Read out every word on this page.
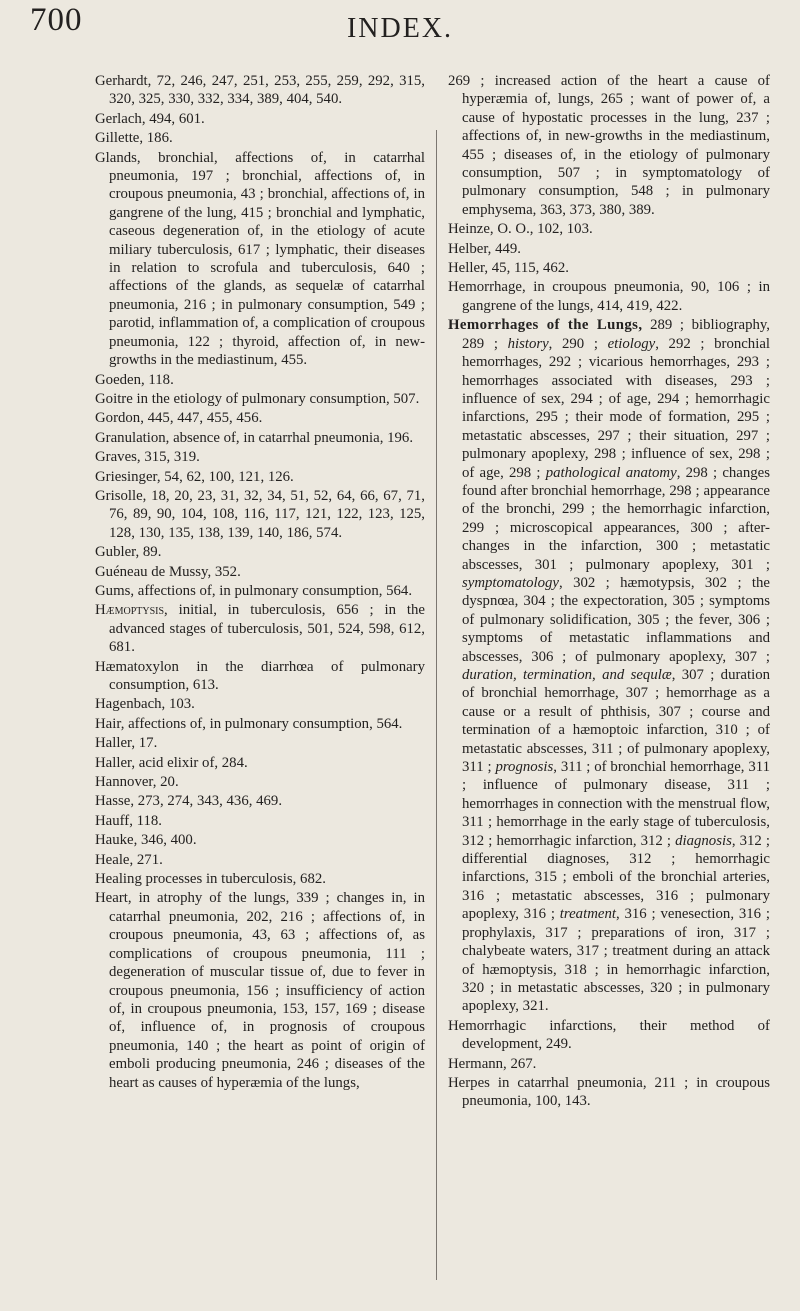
700	INDEX.

Gerhardt, 72, 246, 247, 251, 253, 255, 259, 292, 315, 320, 325, 330, 332, 334, 389, 404, 540.

Gerlach, 494, 601.

Gillette, 186.

Glands, bronchial, affections of, in catarrhal pneumonia, 197 ; bronchial, affections of, in croupous pneumonia, 43 ; bronchial, affections of, in gangrene of the lung, 415 ; bronchial and lymphatic, caseous degeneration of, in the etiology of acute miliary tuberculosis, 617 ; lymphatic, their diseases in relation to scrofula and tuberculosis, 640 ; affections of the glands, as sequelæ of catarrhal pneumonia, 216 ; in pulmonary consumption, 549 ; parotid, inflammation of, a complication of croupous pneumonia, 122 ; thyroid, affection of, in new-growths in the mediastinum, 455.

Goeden, 118.

Goitre in the etiology of pulmonary consumption, 507.

Gordon, 445, 447, 455, 456.

Granulation, absence of, in catarrhal pneumonia, 196.

Graves, 315, 319.

Griesinger, 54, 62, 100, 121, 126.

Grisolle, 18, 20, 23, 31, 32, 34, 51, 52, 64, 66, 67, 71, 76, 89, 90, 104, 108, 116, 117, 121, 122, 123, 125, 128, 130, 135, 138, 139, 140, 186, 574.

Gubler, 89.

Guéneau de Mussy, 352.

Gums, affections of, in pulmonary consumption, 564.

Hæmoptysis, initial, in tuberculosis, 656 ; in the advanced stages of tuberculosis, 501, 524, 598, 612, 681.

Hæmatoxylon in the diarrhœa of pulmonary consumption, 613.

Hagenbach, 103.

Hair, affections of, in pulmonary consumption, 564.

Haller, 17.

Haller, acid elixir of, 284.

Hannover, 20.

Hasse, 273, 274, 343, 436, 469.

Hauff, 118.

Hauke, 346, 400.

Heale, 271.

Healing processes in tuberculosis, 682.

Heart, in atrophy of the lungs, 339 ; changes in, in catarrhal pneumonia, 202, 216 ; affections of, in croupous pneumonia, 43, 63 ; affections of, as complications of croupous pneumonia, 111 ; degeneration of muscular tissue of, due to fever in croupous pneumonia, 156 ; insufficiency of action of, in croupous pneumonia, 153, 157, 169 ; disease of, influence of, in prognosis of croupous pneumonia, 140 ; the heart as point of origin of emboli producing pneumonia, 246 ; diseases of the heart as causes of hyperæmia of the lungs,

269 ; increased action of the heart a cause of hyperæmia of, lungs, 265 ; want of power of, a cause of hypostatic processes in the lung, 237 ; affections of, in new-growths in the mediastinum, 455 ; diseases of, in the etiology of pulmonary consumption, 507 ; in symptomatology of pulmonary consumption, 548 ; in pulmonary emphysema, 363, 373, 380, 389.

Heinze, O. O., 102, 103.

Helber, 449.

Heller, 45, 115, 462.

Hemorrhage, in croupous pneumonia, 90, 106 ; in gangrene of the lungs, 414, 419, 422.

Hemorrhages of the Lungs, 289 ; bibliography, 289 ; history, 290 ; etiology, 292 ; bronchial hemorrhages, 292 ; vicarious hemorrhages, 293 ; hemorrhages associated with diseases, 293 ; influence of sex, 294 ; of age, 294 ; hemorrhagic infarctions, 295 ; their mode of formation, 295 ; metastatic abscesses, 297 ; their situation, 297 ; pulmonary apoplexy, 298 ; influence of sex, 298 ; of age, 298 ; pathological anatomy, 298 ; changes found after bronchial hemorrhage, 298 ; appearance of the bronchi, 299 ; the hemorrhagic infarction, 299 ; microscopical appearances, 300 ; after-changes in the infarction, 300 ; metastatic abscesses, 301 ; pulmonary apoplexy, 301 ; symptomatology, 302 ; hæmotypsis, 302 ; the dyspnœa, 304 ; the expectoration, 305 ; symptoms of pulmonary solidification, 305 ; the fever, 306 ; symptoms of metastatic inflammations and abscesses, 306 ; of pulmonary apoplexy, 307 ; duration, termination, and sequlæ, 307 ; duration of bronchial hemorrhage, 307 ; hemorrhage as a cause or a result of phthisis, 307 ; course and termination of a hæmoptoic infarction, 310 ; of metastatic abscesses, 311 ; of pulmonary apoplexy, 311 ; prognosis, 311 ; of bronchial hemorrhage, 311 ; influence of pulmonary disease, 311 ; hemorrhages in connection with the menstrual flow, 311 ; hemorrhage in the early stage of tuberculosis, 312 ; hemorrhagic infarction, 312 ; diagnosis, 312 ; differential diagnoses, 312 ; hemorrhagic infarctions, 315 ; emboli of the bronchial arteries, 316 ; metastatic abscesses, 316 ; pulmonary apoplexy, 316 ; treatment, 316 ; venesection, 316 ; prophylaxis, 317 ; preparations of iron, 317 ; chalybeate waters, 317 ; treatment during an attack of hæmoptysis, 318 ; in hemorrhagic infarction, 320 ; in metastatic abscesses, 320 ; in pulmonary apoplexy, 321.

Hemorrhagic infarctions, their method of development, 249.

Hermann, 267.

Herpes in catarrhal pneumonia, 211 ; in croupous pneumonia, 100, 143.
